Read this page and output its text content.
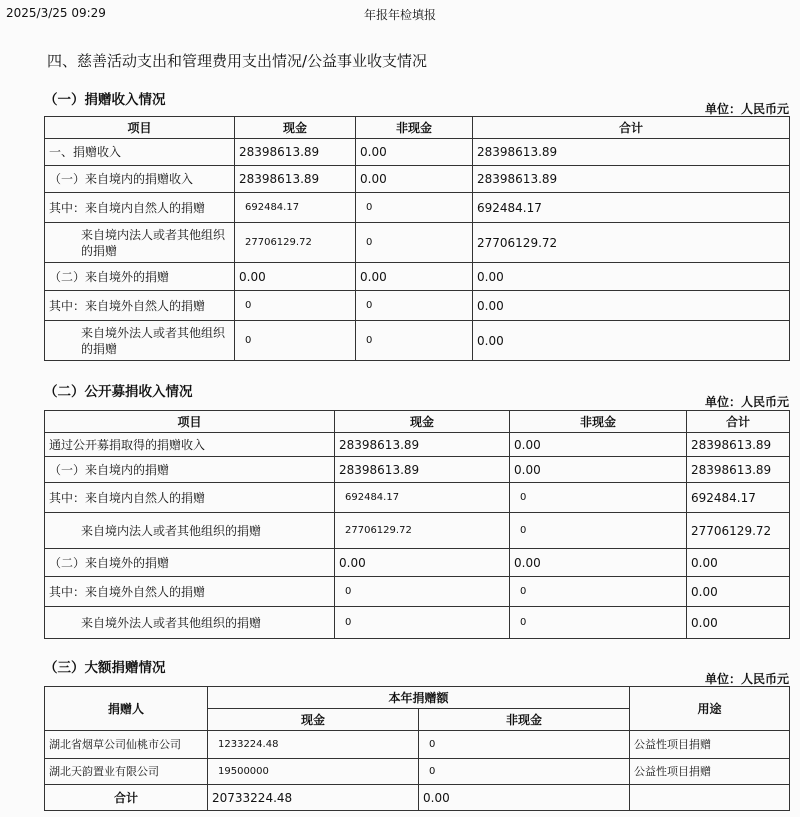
2025/3/25 09:29	年报年检填报
四、慈善活动支出和管理费用支出情况/公益事业收支情况
（一）捐赠收入情况
单位：人民币元
项目	现金	非现金	合计
一、捐赠收入	28398613.89	0.00	28398613.89
（一）来自境内的捐赠收入	28398613.89	0.00	28398613.89
其中：来自境内自然人的捐赠	692484.17	0	692484.17
来自境内法人或者其他组织的捐赠	27706129.72	0	27706129.72
（二）来自境外的捐赠	0.00	0.00	0.00
其中：来自境外自然人的捐赠	0	0	0.00
来自境外法人或者其他组织的捐赠	0	0	0.00
（二）公开募捐收入情况
单位：人民币元
项目	现金	非现金	合计
通过公开募捐取得的捐赠收入	28398613.89	0.00	28398613.89
（一）来自境内的捐赠	28398613.89	0.00	28398613.89
其中：来自境内自然人的捐赠	692484.17	0	692484.17
来自境内法人或者其他组织的捐赠	27706129.72	0	27706129.72
（二）来自境外的捐赠	0.00	0.00	0.00
其中：来自境外自然人的捐赠	0	0	0.00
来自境外法人或者其他组织的捐赠	0	0	0.00
（三）大额捐赠情况
单位：人民币元
捐赠人	本年捐赠额		用途
	现金	非现金	
湖北省烟草公司仙桃市公司	1233224.48	0	公益性项目捐赠
湖北天韵置业有限公司	19500000	0	公益性项目捐赠
合计	20733224.48	0.00	
